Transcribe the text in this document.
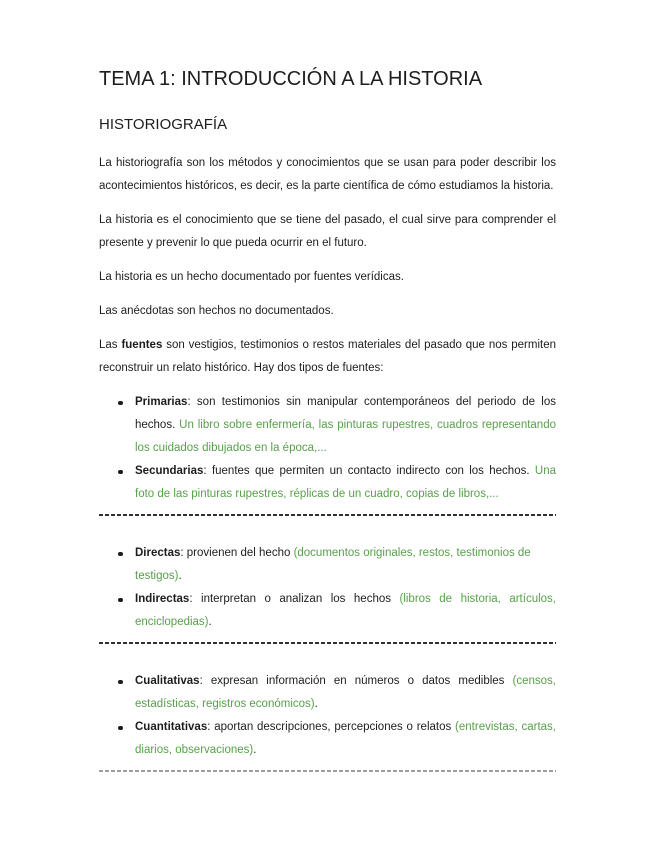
TEMA 1: INTRODUCCIÓN A LA HISTORIA
HISTORIOGRAFÍA

La historiografía son los métodos y conocimientos que se usan para poder describir los acontecimientos históricos, es decir, es la parte científica de cómo estudiamos la historia.

La historia es el conocimiento que se tiene del pasado, el cual sirve para comprender el presente y prevenir lo que pueda ocurrir en el futuro.

La historia es un hecho documentado por fuentes verídicas.

Las anécdotas son hechos no documentados.

Las fuentes son vestigios, testimonios o restos materiales del pasado que nos permiten reconstruir un relato histórico. Hay dos tipos de fuentes:

Primarias: son testimonios sin manipular contemporáneos del periodo de los hechos. Un libro sobre enfermería, las pinturas rupestres, cuadros representando los cuidados dibujados en la época,...
Secundarias: fuentes que permiten un contacto indirecto con los hechos. Una foto de las pinturas rupestres, réplicas de un cuadro, copias de libros,...
Directas: provienen del hecho (documentos originales, restos, testimonios de testigos).
Indirectas: interpretan o analizan los hechos (libros de historia, artículos, enciclopedias).
Cualitativas: expresan información en números o datos medibles (censos, estadísticas, registros económicos).
Cuantitativas: aportan descripciones, percepciones o relatos (entrevistas, cartas, diarios, observaciones).
